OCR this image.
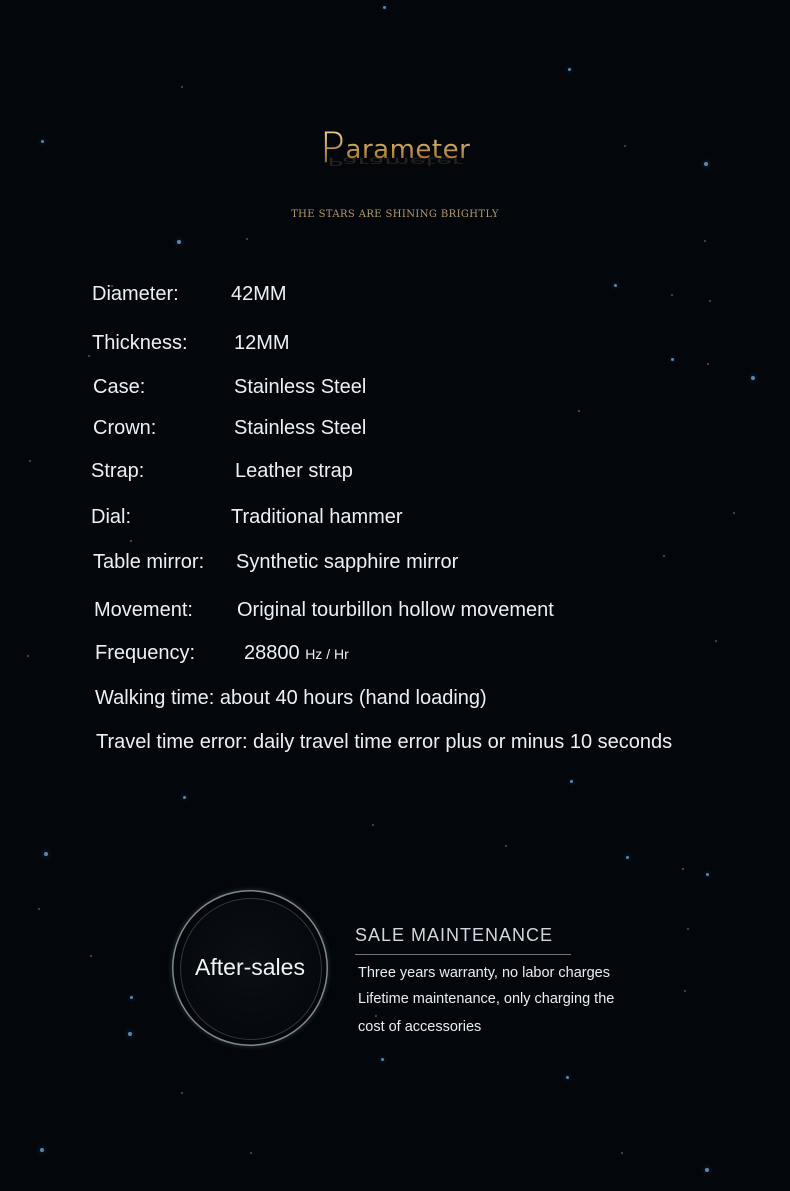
Parameter
Parameter
THE STARS ARE SHINING BRIGHTLY
Diameter:	42MM
Thickness: 12MM
Case:	Stainless Steel
Crown:	Stainless Steel
Strap:	Leather strap
Dial:	Traditional hammer
Table mirror: Synthetic sapphire mirror
Movement: Original tourbillon hollow movement
Frequency: 28800 Hz / Hr
Walking time: about 40 hours (hand loading)
Travel time error: daily travel time error plus or minus 10 seconds
After-sales
SALE MAINTENANCE
Three years warranty, no labor charges
Lifetime maintenance, only charging the
cost of accessories
